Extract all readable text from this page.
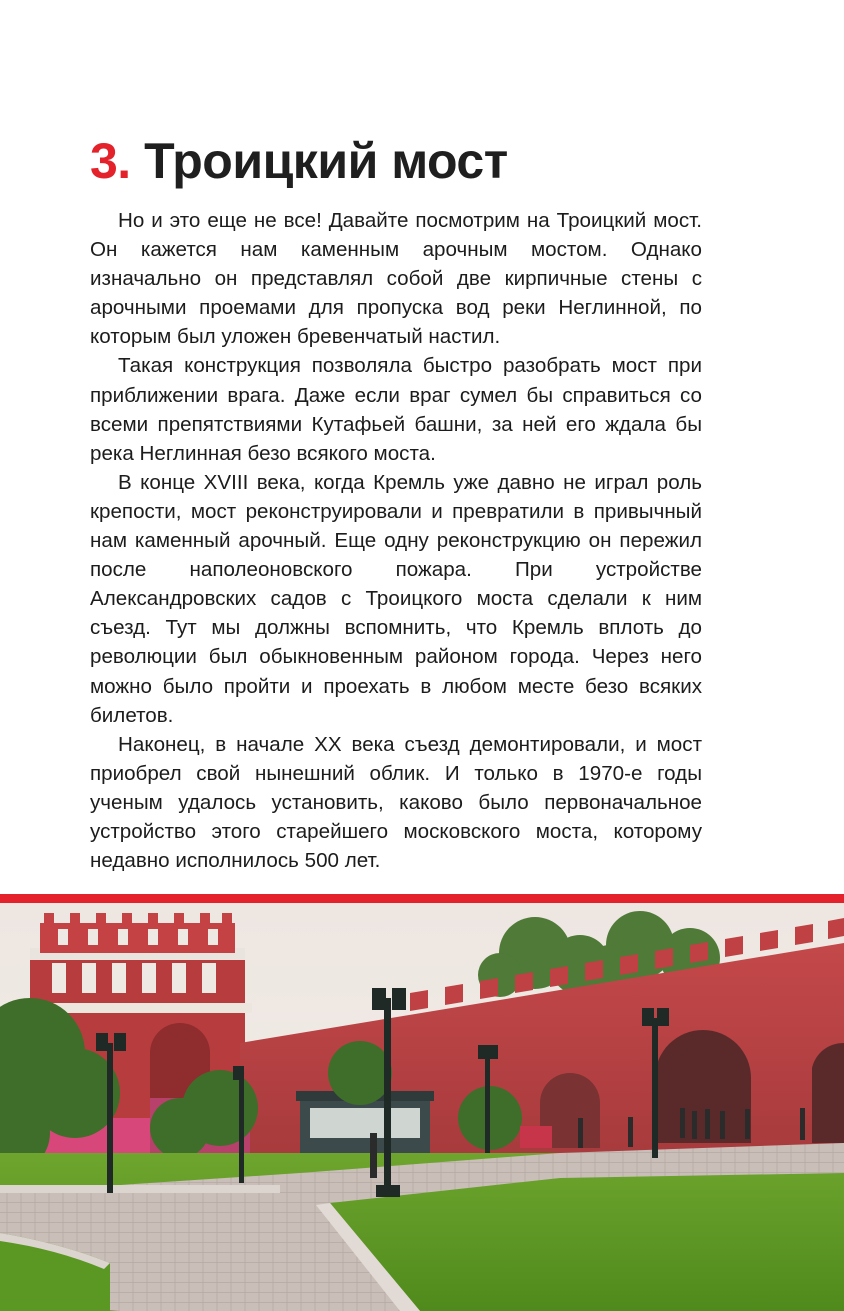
3. Троицкий мост

Но и это еще не все! Давайте посмотрим на Троицкий мост. Он кажется нам каменным арочным мостом. Однако изначально он представлял собой две кирпичные стены с арочными проемами для пропуска вод реки Неглинной, по которым был уложен бревенчатый настил.

Такая конструкция позволяла быстро разобрать мост при приближении врага. Даже если враг сумел бы справиться со всеми препятствиями Кутафьей башни, за ней его ждала бы река Неглинная безо всякого моста.

В конце XVIII века, когда Кремль уже давно не играл роль крепости, мост реконструировали и превратили в привычный нам каменный арочный. Еще одну реконструкцию он пережил после наполеоновского пожара. При устройстве Александровских садов с Троицкого моста сделали к ним съезд. Тут мы должны вспомнить, что Кремль вплоть до революции был обыкновенным районом города. Через него можно было пройти и проехать в любом месте безо всяких билетов.

Наконец, в начале XX века съезд демонтировали, и мост приобрел свой нынешний облик. И только в 1970-е годы ученым удалось установить, каково было первоначальное устройство этого старейшего московского моста, которому недавно исполнилось 500 лет.
